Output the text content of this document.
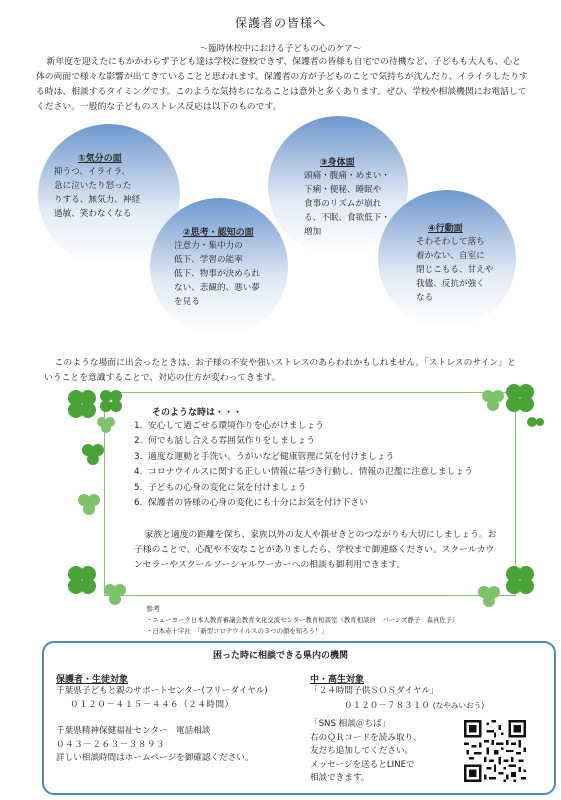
保護者の皆様へ
～臨時休校中における子どもの心のケア～
新年度を迎えたにもかかわらず子ども達は学校に登校できず、保護者の皆様も自宅での待機など、子どもも大人も、心と体の両面で様々な影響が出てきていることと思われます。保護者の方が子どものことで気持ちが沈んだり、イライラしたりする時は、相談するタイミングです。このような気持ちになることは意外と多くあります。ぜひ、学校や相談機関にお電話してください。一般的な子どものストレス反応は以下のものです。
①気分の面
抑うつ、イライラ、
急に泣いたり怒った
りする、無気力、神経
過敏、笑わなくなる
②思考・認知の面
注意力・集中力の
低下、学習の能率
低下、物事が決められ
ない、悲観的、悪い夢
を見る
③身体面
頭痛・腹痛・めまい・
下痢・便秘、睡眠や
食事のリズムが崩れ
る、不眠、食欲低下・
増加	④行動面
そわそわして落ち
着かない、自室に
閉じこもる、甘えや
我儘、反抗が強く
なる
このような場面に出会ったときは、お子様の不安や強いストレスのあらわれかもしれません。「ストレスのサイン」ということを意識することで、対応の仕方が変わってきます。
そのような時は・・・
1. 安心して過ごせる環境作りを心がけましょう
2. 何でも話し合える雰囲気作りをしましょう
3. 適度な運動と手洗い、うがいなど健康管理に気を付けましょう
4. コロナウイルスに関する正しい情報に基づき行動し、情報の氾濫に注意しましょう
5. 子どもの心身の変化に気を付けましょう
6. 保護者の皆様の心身の変化にも十分にお気を付け下さい
家族と適度の距離を保ち、家族以外の友人や親せきとのつながりも大切にしましょう。お子様のことで、心配や不安なことがありましたら、学校まで御連絡ください。スクールカウンセラーやスクールソーシャルワーカーへの相談も御利用できます。
参考
・ニューヨーク日本人教育審議会教育文化交流センター教育相談室（教育相談員　バーンズ静子　森真佐子）
・日本赤十字社　「新型コロナウイルスの３つの顔を知ろう！」
困った時に相談できる県内の機関
保護者・生徒対象
千葉県子どもと親のサポートセンター(フリーダイヤル)
０１２０－４１５－４４６（２４時間）
千葉県精神保健福祉センター　電話相談
０４３－２６３－３８９３
詳しい相談時間はホームページを御確認ください。
中・高生対象
「２４時間子供ＳＯＳダイヤル」
０１２０－７８３１０ (なやみいおう)
「SNS 相談＠ちば」
右のＱＲコードを読み取り、
友だち追加してください。
メッセージを送るとLINEで
相談できます。
